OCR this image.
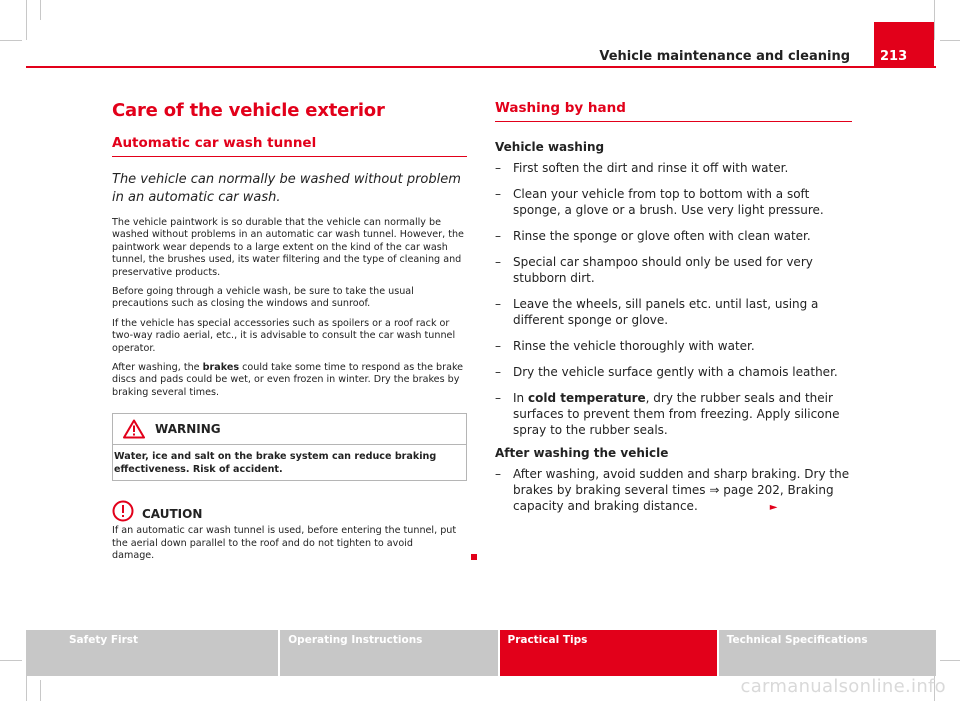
Vehicle maintenance and cleaning	213
Care of the vehicle exterior
Automatic car wash tunnel

The vehicle can normally be washed without problem in an automatic car wash.

The vehicle paintwork is so durable that the vehicle can normally be washed without problems in an automatic car wash tunnel. However, the paintwork wear depends to a large extent on the kind of the car wash tunnel, the brushes used, its water filtering and the type of cleaning and preservative products.

Before going through a vehicle wash, be sure to take the usual precautions such as closing the windows and sunroof.

If the vehicle has special accessories such as spoilers or a roof rack or two-way radio aerial, etc., it is advisable to consult the car wash tunnel operator.

After washing, the brakes could take some time to respond as the brake discs and pads could be wet, or even frozen in winter. Dry the brakes by braking several times.

WARNING
Water, ice and salt on the brake system can reduce braking effectiveness. Risk of accident.
CAUTION
If an automatic car wash tunnel is used, before entering the tunnel, put the aerial down parallel to the roof and do not tighten to avoid damage.
Washing by hand
Vehicle washing
–	First soften the dirt and rinse it off with water.
–	Clean your vehicle from top to bottom with a soft sponge, a glove or a brush. Use very light pressure.
–	Rinse the sponge or glove often with clean water.
–	Special car shampoo should only be used for very stubborn dirt.
–	Leave the wheels, sill panels etc. until last, using a different sponge or glove.
–	Rinse the vehicle thoroughly with water.
–	Dry the vehicle surface gently with a chamois leather.
–	In cold temperature, dry the rubber seals and their surfaces to prevent them from freezing. Apply silicone spray to the rubber seals.
After washing the vehicle
–	After washing, avoid sudden and sharp braking. Dry the brakes by braking several times ⇒ page 202, Braking capacity and braking distance.	►
Safety First	Operating Instructions	Practical Tips	Technical Specifications
carmanualsonline.info
